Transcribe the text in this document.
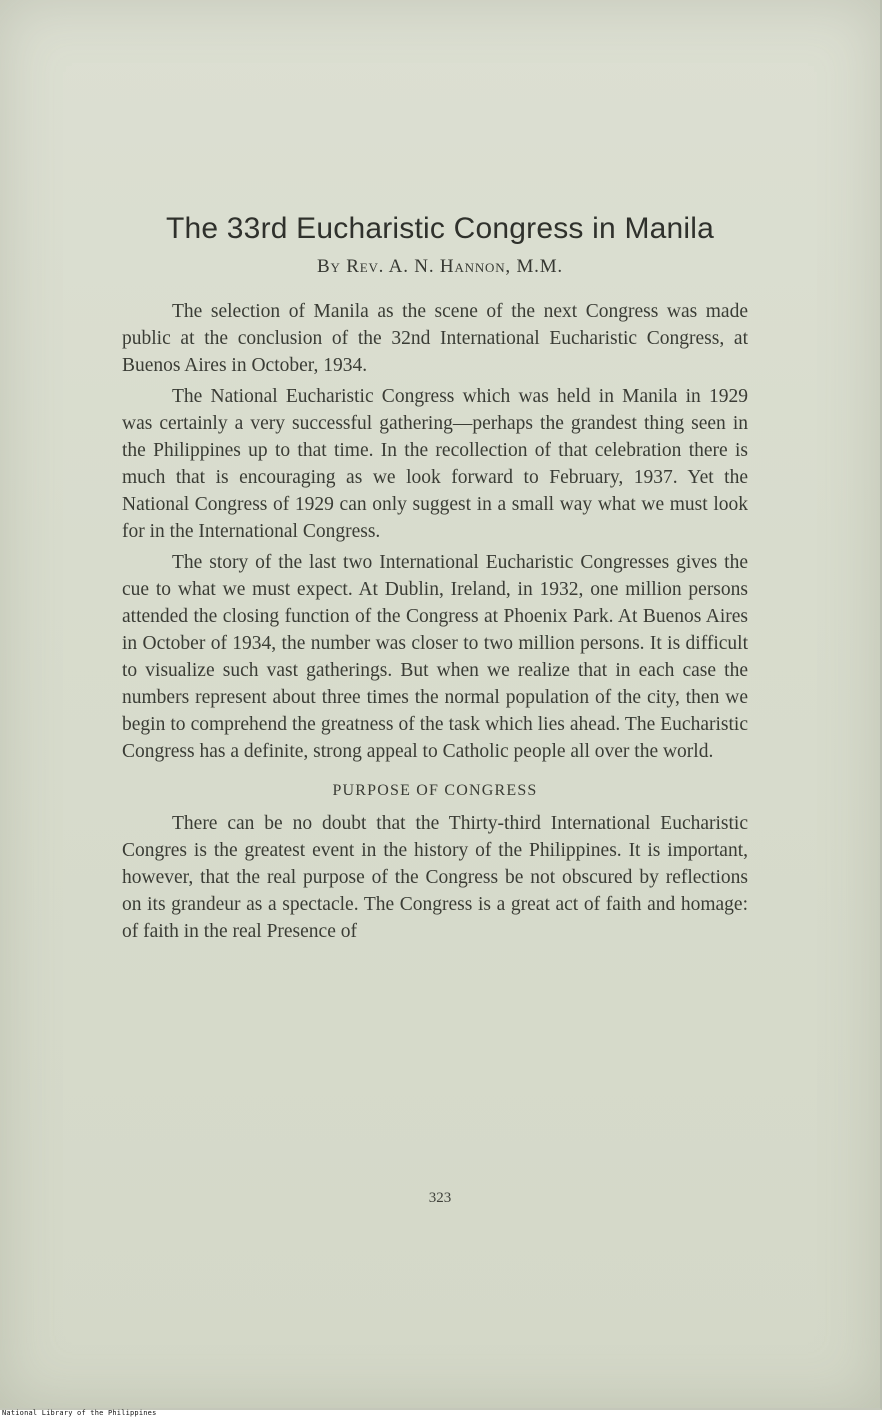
The 33rd Eucharistic Congress in Manila
By Rev. A. N. Hannon, M.M.

The selection of Manila as the scene of the next Congress was made public at the conclusion of the 32nd International Eucharistic Congress, at Buenos Aires in October, 1934.

The National Eucharistic Congress which was held in Manila in 1929 was certainly a very successful gathering—perhaps the grandest thing seen in the Philippines up to that time. In the recollection of that celebration there is much that is encouraging as we look forward to February, 1937. Yet the National Congress of 1929 can only suggest in a small way what we must look for in the International Congress.

The story of the last two International Eucharistic Congresses gives the cue to what we must expect. At Dublin, Ireland, in 1932, one million persons attended the closing function of the Congress at Phoenix Park. At Buenos Aires in October of 1934, the number was closer to two million persons. It is difficult to visualize such vast gatherings. But when we realize that in each case the numbers represent about three times the normal population of the city, then we begin to comprehend the greatness of the task which lies ahead. The Eucharistic Congress has a definite, strong appeal to Catholic people all over the world.

PURPOSE OF CONGRESS

There can be no doubt that the Thirty-third International Eucharistic Congres is the greatest event in the history of the Philippines. It is important, however, that the real purpose of the Congress be not obscured by reflections on its grandeur as a spectacle. The Congress is a great act of faith and homage: of faith in the real Presence of

323
National Library of the Philippines
